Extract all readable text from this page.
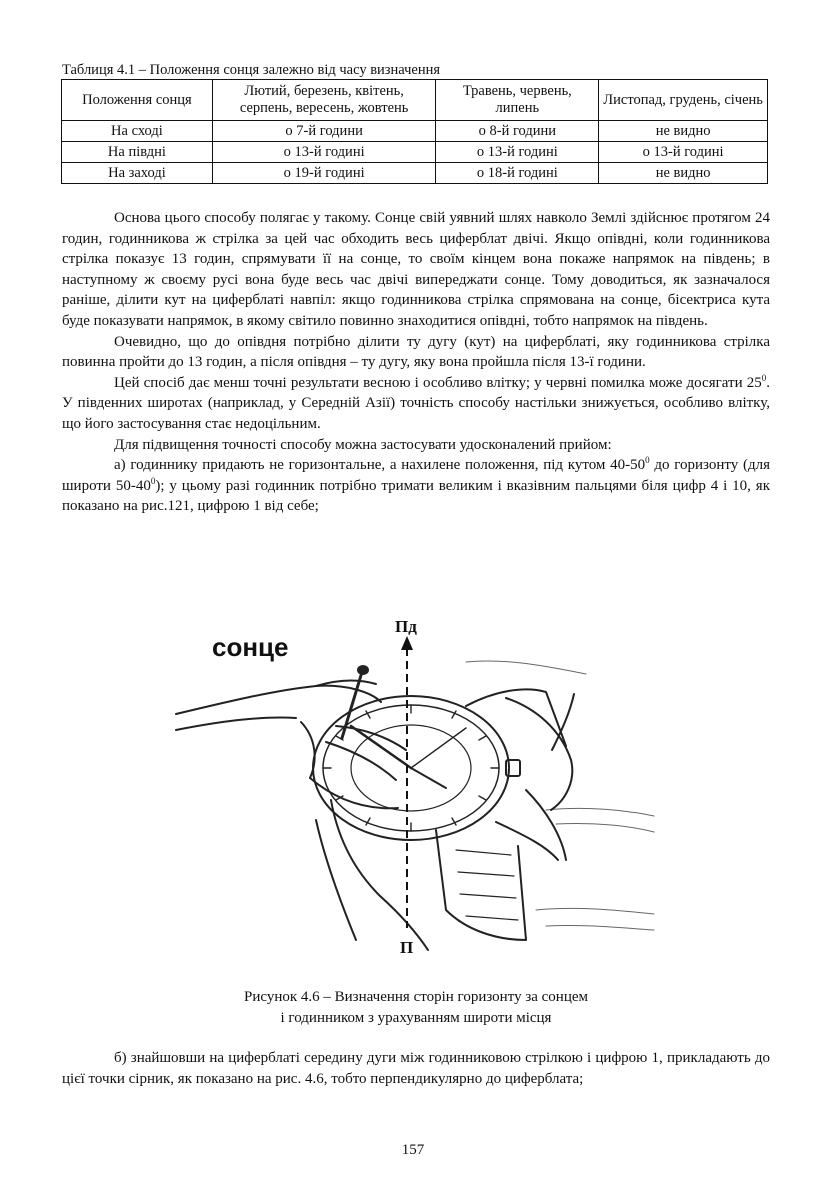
Таблиця 4.1 – Положення сонця залежно від часу визначення
Положення сонця	Лютий, березень, квітень, серпень, вересень, жовтень	Травень, червень, липень	Листопад, грудень, січень
На сході	о 7-й години	о 8-й години	не видно
На півдні	о 13-й годині	о 13-й годині	о 13-й годині
На заході	о 19-й годині	о 18-й годині	не видно

Основа цього способу полягає у такому. Сонце свій уявний шлях навколо Землі здійснює протягом 24 годин, годинникова ж стрілка за цей час обходить весь циферблат двічі. Якщо опівдні, коли годинникова стрілка показує 13 годин, спрямувати її на сонце, то своїм кінцем вона покаже напрямок на південь; в наступному ж своєму русі вона буде весь час двічі випереджати сонце. Тому доводиться, як зазначалося раніше, ділити кут на циферблаті навпіл: якщо годинникова стрілка спрямована на сонце, бісектриса кута буде показувати напрямок, в якому світило повинно знаходитися опівдні, тобто напрямок на південь.

Очевидно, що до опівдня потрібно ділити ту дугу (кут) на циферблаті, яку годинникова стрілка повинна пройти до 13 годин, а після опівдня – ту дугу, яку вона пройшла після 13-ї години.

Цей спосіб дає менш точні результати весною і особливо влітку; у червні помилка може досягати $25^0$. У південних широтах (наприклад, у Середній Азії) точність способу настільки знижується, особливо влітку, що його застосування стає недоцільним.

Для підвищення точності способу можна застосувати удосконалений прийом:

а) годиннику придають не горизонтальне, а нахилене положення, під кутом $40-50^0$ до горизонту (для широти $50-40^0$); у цьому разі годинник потрібно тримати великим і вказівним пальцями біля цифр 4 і 10, як показано на рис.121, цифрою 1 від себе;

сонце
Пд
П
Рисунок 4.6 – Визначення сторін горизонту за сонцем
і годинником з урахуванням широти місця

б) знайшовши на циферблаті середину дуги між годинниковою стрілкою і цифрою 1, прикладають до цієї точки сірник, як показано на рис. 4.6, тобто перпендикулярно до циферблата;

157
